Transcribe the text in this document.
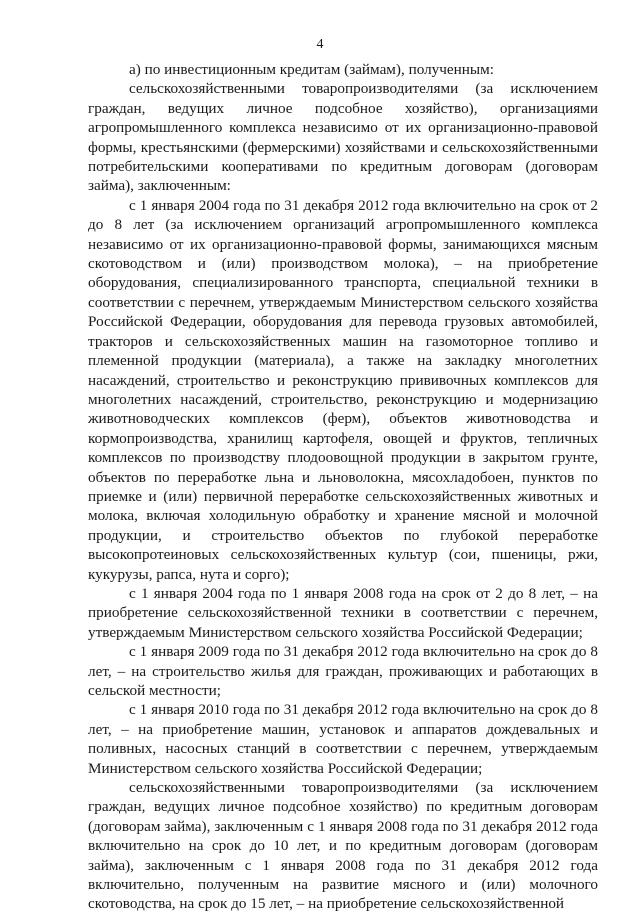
4

а) по инвестиционным кредитам (займам), полученным:

сельскохозяйственными товаропроизводителями (за исключением граждан, ведущих личное подсобное хозяйство), организациями агропромышленного комплекса независимо от их организационно-правовой формы, крестьянскими (фермерскими) хозяйствами и сельскохозяйственными потребительскими кооперативами по кредитным договорам (договорам займа), заключенным:

с 1 января 2004 года по 31 декабря 2012 года включительно на срок от 2 до 8 лет (за исключением организаций агропромышленного комплекса независимо от их организационно-правовой формы, занимающихся мясным скотоводством и (или) производством молока), – на приобретение оборудования, специализированного транспорта, специальной техники в соответствии с перечнем, утверждаемым Министерством сельского хозяйства Российской Федерации, оборудования для перевода грузовых автомобилей, тракторов и сельскохозяйственных машин на газомоторное топливо и племенной продукции (материала), а также на закладку многолетних насаждений, строительство и реконструкцию прививочных комплексов для многолетних насаждений, строительство, реконструкцию и модернизацию животноводческих комплексов (ферм), объектов животноводства и кормопроизводства, хранилищ картофеля, овощей и фруктов, тепличных комплексов по производству плодоовощной продукции в закрытом грунте, объектов по переработке льна и льноволокна, мясохладобоен, пунктов по приемке и (или) первичной переработке сельскохозяйственных животных и молока, включая холодильную обработку и хранение мясной и молочной продукции, и строительство объектов по глубокой переработке высокопротеиновых сельскохозяйственных культур (сои, пшеницы, ржи, кукурузы, рапса, нута и сорго);

с 1 января 2004 года по 1 января 2008 года на срок от 2 до 8 лет, – на приобретение сельскохозяйственной техники в соответствии с перечнем, утверждаемым Министерством сельского хозяйства Российской Федерации;

с 1 января 2009 года по 31 декабря 2012 года включительно на срок до 8 лет, – на строительство жилья для граждан, проживающих и работающих в сельской местности;

с 1 января 2010 года по 31 декабря 2012 года включительно на срок до 8 лет, – на приобретение машин, установок и аппаратов дождевальных и поливных, насосных станций в соответствии с перечнем, утверждаемым Министерством сельского хозяйства Российской Федерации;

сельскохозяйственными товаропроизводителями (за исключением граждан, ведущих личное подсобное хозяйство) по кредитным договорам (договорам займа), заключенным с 1 января 2008 года по 31 декабря 2012 года включительно на срок до 10 лет, и по кредитным договорам (договорам займа), заключенным с 1 января 2008 года по 31 декабря 2012 года включительно, полученным на развитие мясного и (или) молочного скотоводства, на срок до 15 лет, – на приобретение сельскохозяйственной
